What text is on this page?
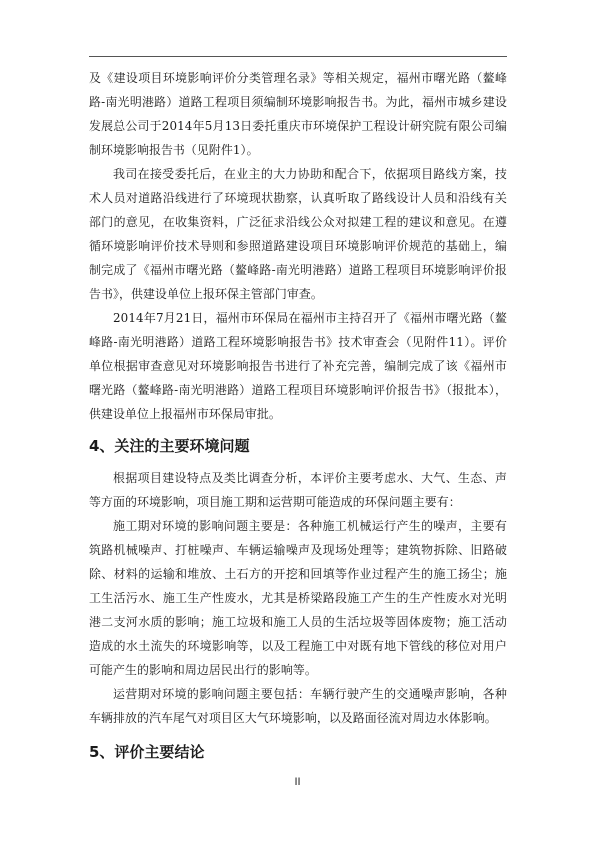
及《建设项目环境影响评价分类管理名录》等相关规定，福州市曙光路（鳌峰路-南光明港路）道路工程项目须编制环境影响报告书。为此，福州市城乡建设发展总公司于2014年5月13日委托重庆市环境保护工程设计研究院有限公司编制环境影响报告书（见附件1）。

我司在接受委托后，在业主的大力协助和配合下，依据项目路线方案，技术人员对道路沿线进行了环境现状勘察，认真听取了路线设计人员和沿线有关部门的意见，在收集资料，广泛征求沿线公众对拟建工程的建议和意见。在遵循环境影响评价技术导则和参照道路建设项目环境影响评价规范的基础上，编制完成了《福州市曙光路（鳌峰路-南光明港路）道路工程项目环境影响评价报告书》，供建设单位上报环保主管部门审查。

2014年7月21日，福州市环保局在福州市主持召开了《福州市曙光路（鳌峰路-南光明港路）道路工程环境影响报告书》技术审查会（见附件11）。评价单位根据审查意见对环境影响报告书进行了补充完善，编制完成了该《福州市曙光路（鳌峰路-南光明港路）道路工程项目环境影响评价报告书》（报批本），供建设单位上报福州市环保局审批。

4、关注的主要环境问题

根据项目建设特点及类比调查分析，本评价主要考虑水、大气、生态、声等方面的环境影响，项目施工期和运营期可能造成的环保问题主要有：

施工期对环境的影响问题主要是：各种施工机械运行产生的噪声，主要有筑路机械噪声、打桩噪声、车辆运输噪声及现场处理等；建筑物拆除、旧路破除、材料的运输和堆放、土石方的开挖和回填等作业过程产生的施工扬尘；施工生活污水、施工生产性废水，尤其是桥梁路段施工产生的生产性废水对光明港二支河水质的影响；施工垃圾和施工人员的生活垃圾等固体废物；施工活动造成的水土流失的环境影响等，以及工程施工中对既有地下管线的移位对用户可能产生的影响和周边居民出行的影响等。

运营期对环境的影响问题主要包括：车辆行驶产生的交通噪声影响，各种车辆排放的汽车尾气对项目区大气环境影响，以及路面径流对周边水体影响。

5、评价主要结论
II
